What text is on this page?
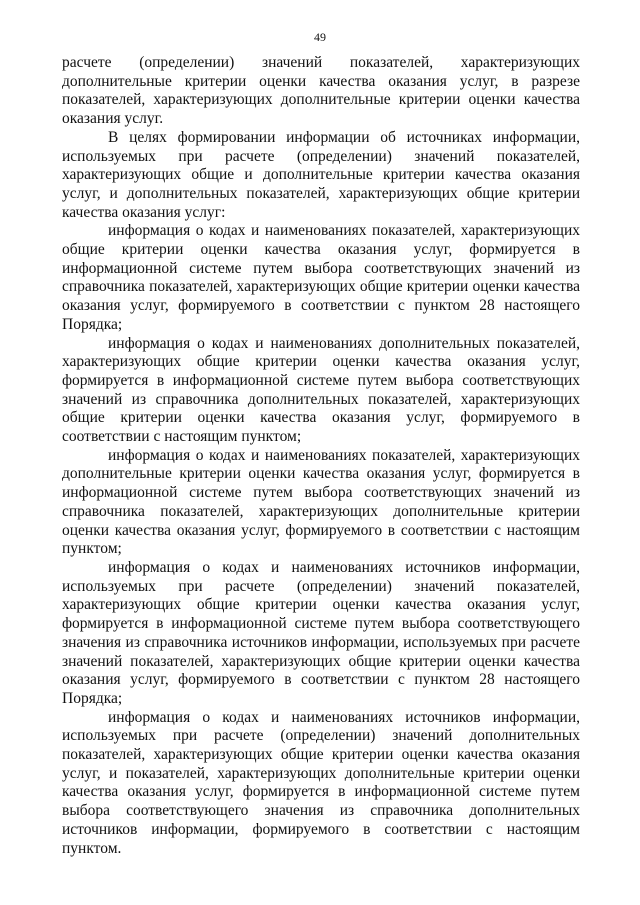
49

расчете (определении) значений показателей, характеризующих дополнительные критерии оценки качества оказания услуг, в разрезе показателей, характеризующих дополнительные критерии оценки качества оказания услуг.

В целях формировании информации об источниках информации, используемых при расчете (определении) значений показателей, характеризующих общие и дополнительные критерии качества оказания услуг, и дополнительных показателей, характеризующих общие критерии качества оказания услуг:

информация о кодах и наименованиях показателей, характеризующих общие критерии оценки качества оказания услуг, формируется в информационной системе путем выбора соответствующих значений из справочника показателей, характеризующих общие критерии оценки качества оказания услуг, формируемого в соответствии с пунктом 28 настоящего Порядка;

информация о кодах и наименованиях дополнительных показателей, характеризующих общие критерии оценки качества оказания услуг, формируется в информационной системе путем выбора соответствующих значений из справочника дополнительных показателей, характеризующих общие критерии оценки качества оказания услуг, формируемого в соответствии с настоящим пунктом;

информация о кодах и наименованиях показателей, характеризующих дополнительные критерии оценки качества оказания услуг, формируется в информационной системе путем выбора соответствующих значений из справочника показателей, характеризующих дополнительные критерии оценки качества оказания услуг, формируемого в соответствии с настоящим пунктом;

информация о кодах и наименованиях источников информации, используемых при расчете (определении) значений показателей, характеризующих общие критерии оценки качества оказания услуг, формируется в информационной системе путем выбора соответствующего значения из справочника источников информации, используемых при расчете значений показателей, характеризующих общие критерии оценки качества оказания услуг, формируемого в соответствии с пунктом 28 настоящего Порядка;

информация о кодах и наименованиях источников информации, используемых при расчете (определении) значений дополнительных показателей, характеризующих общие критерии оценки качества оказания услуг, и показателей, характеризующих дополнительные критерии оценки качества оказания услуг, формируется в информационной системе путем выбора соответствующего значения из справочника дополнительных источников информации, формируемого в соответствии с настоящим пунктом.
